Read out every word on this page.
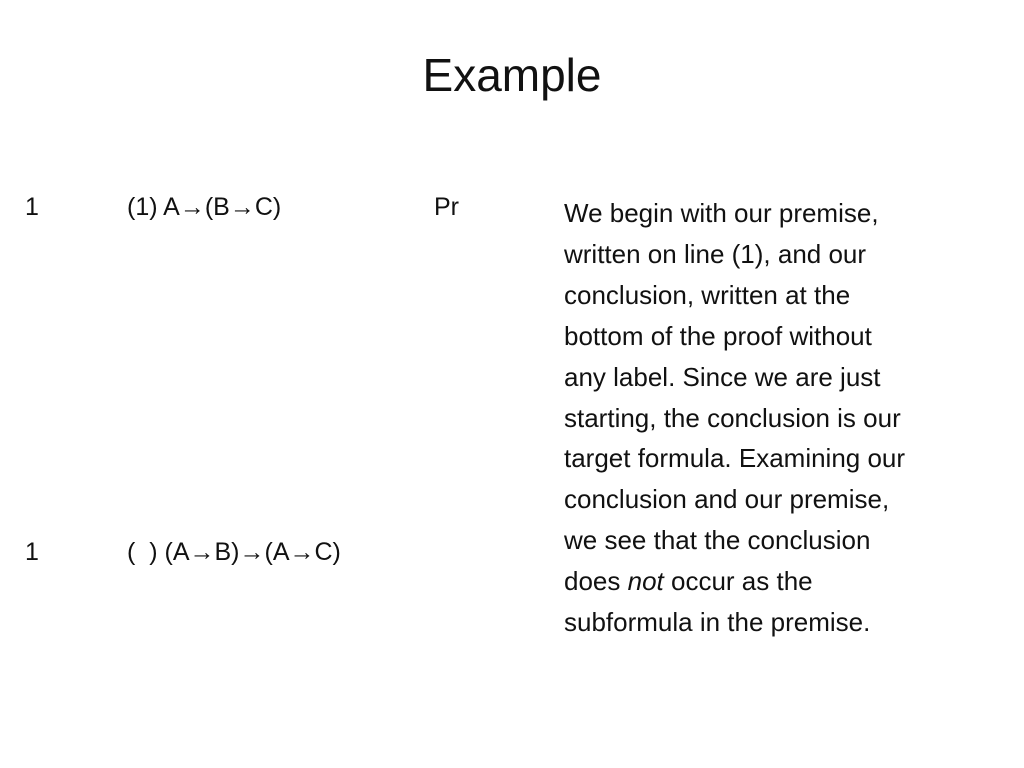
Example
1	(1) A→(B→C)	Pr
1	(  ) (A→B)→(A→C)
We begin with our premise,
written on line (1), and our
conclusion, written at the
bottom of the proof without
any label. Since we are just
starting, the conclusion is our
target formula. Examining our
conclusion and our premise,
we see that the conclusion
does not occur as the
subformula in the premise.
